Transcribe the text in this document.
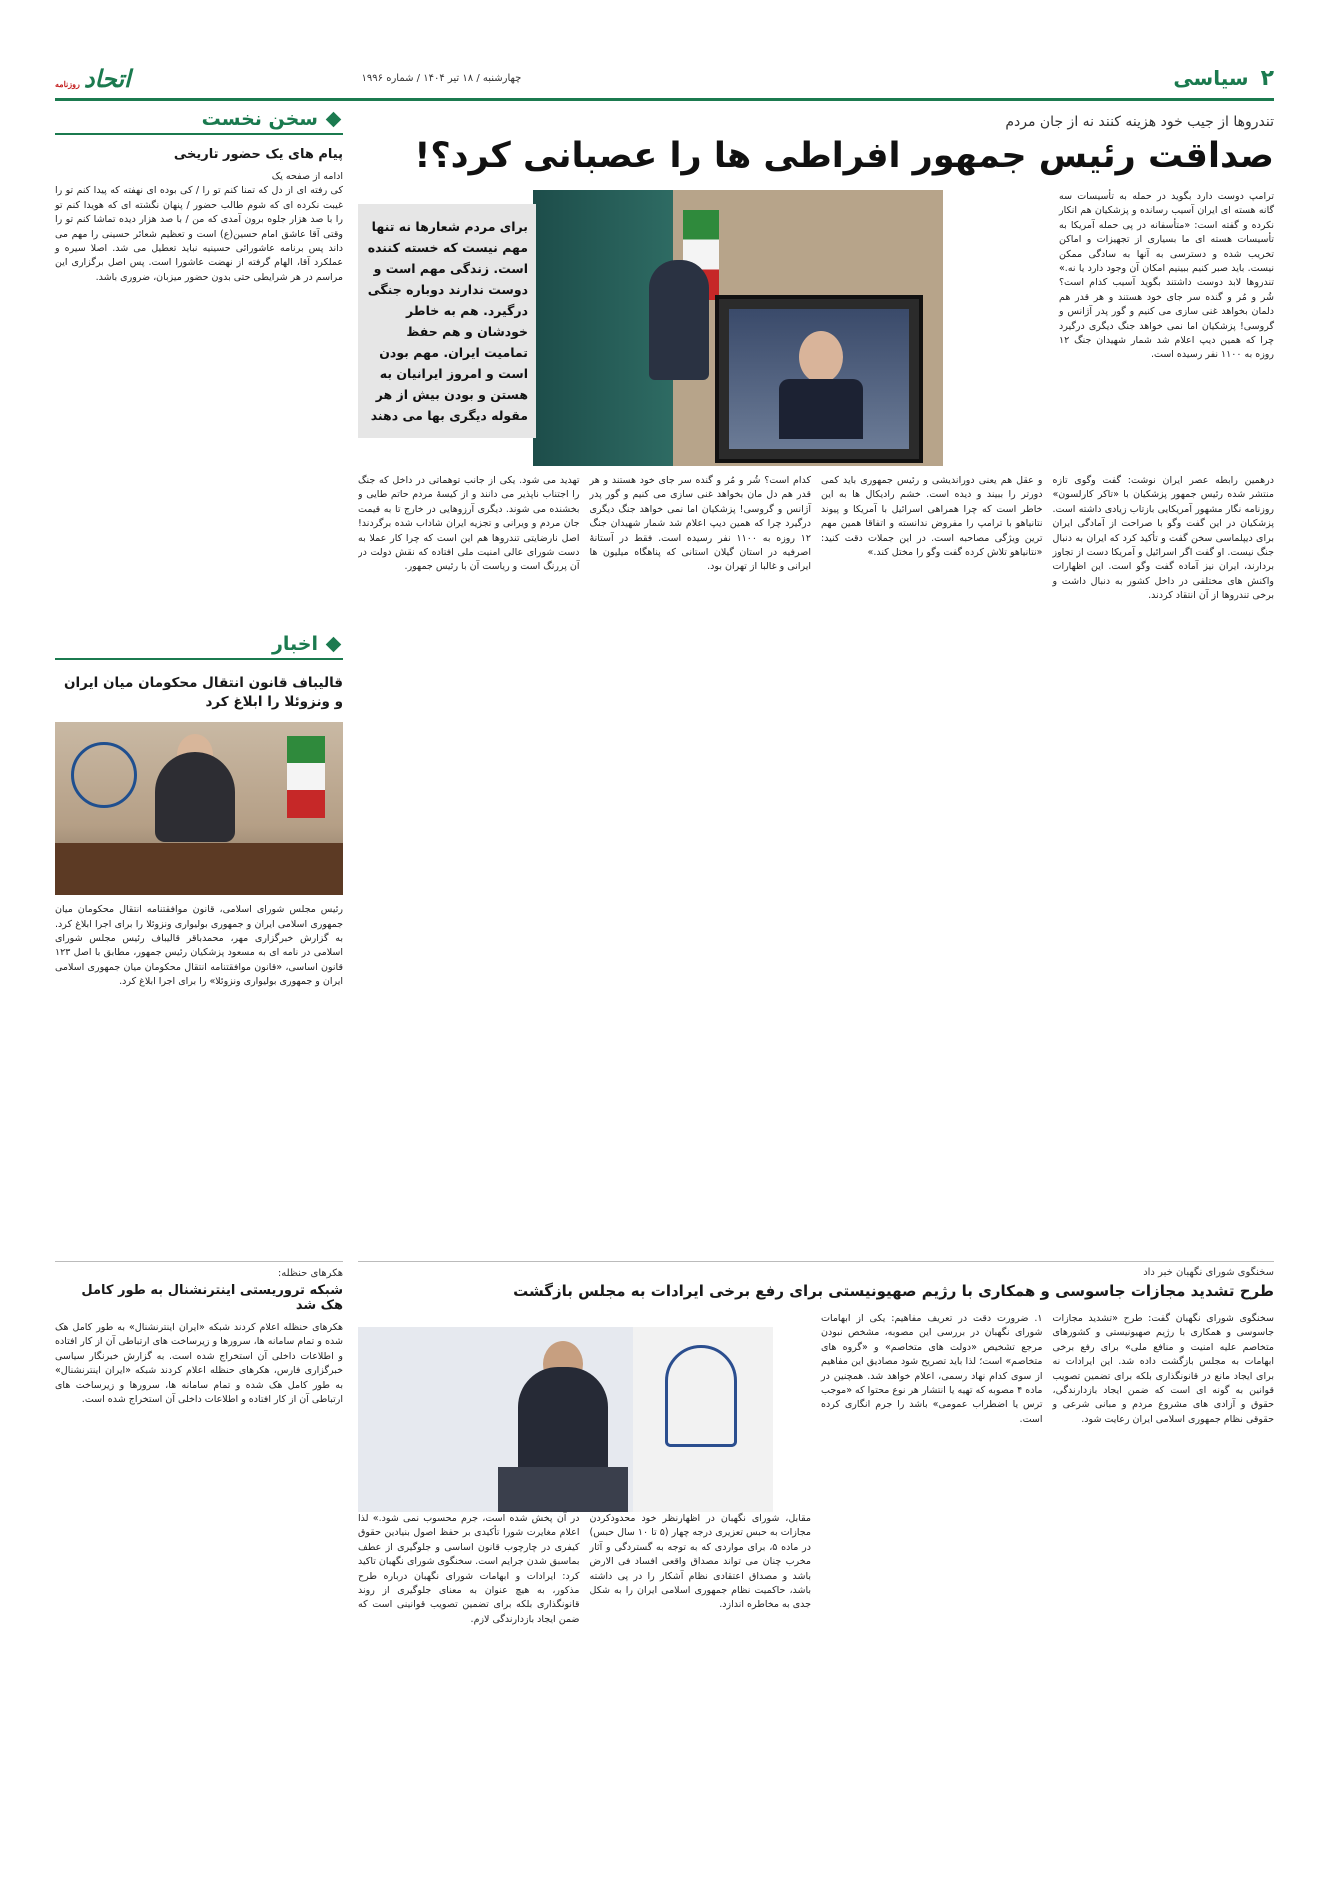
۲
سیاسی
چهارشنبه / ۱۸ تیر ۱۴۰۴ / شماره ۱۹۹۶
اتحادروزنامه
سخن نخست
پیام های یک حضور تاریخی
ادامه از صفحه یک
کی رفته ای از دل که تمنا کنم تو را / کی بوده ای نهفته که پیدا کنم تو را غیبت نکرده ای که شوم طالب حضور / پنهان نگشته ای که هویدا کنم تو را با صد هزار جلوه برون آمدی که من / با صد هزار دیده تماشا کنم تو را وقتی آقا عاشق امام حسین(ع) است و تعظیم شعائر حسینی را مهم می داند پس برنامه عاشورائی حسینیه نباید تعطیل می شد. اصلا سیره و عملکرد آقا، الهام گرفته از نهضت عاشورا است. پس اصل برگزاری این مراسم در هر شرایطی حتی بدون حضور میزبان، ضروری باشد.
اخبار
قالیباف قانون انتقال محکومان میان ایران و ونزوئلا را ابلاغ کرد
رئیس مجلس شورای اسلامی، قانون موافقتنامه انتقال محکومان میان جمهوری اسلامی ایران و جمهوری بولیواری ونزوئلا را برای اجرا ابلاغ کرد. به گزارش خبرگزاری مهر، محمدباقر قالیباف رئیس مجلس شورای اسلامی در نامه ای به مسعود پزشکیان رئیس جمهور، مطابق با اصل ۱۲۳ قانون اساسی، «قانون موافقتنامه انتقال محکومان میان جمهوری اسلامی ایران و جمهوری بولیواری ونزوئلا» را برای اجرا ابلاغ کرد.
هکرهای حنظله:
شبکه تروریستی اینترنشنال به طور کامل هک شد
هکرهای حنظله اعلام کردند شبکه «ایران اینترنشنال» به طور کامل هک شده و تمام سامانه ها، سرورها و زیرساخت های ارتباطی آن از کار افتاده و اطلاعات داخلی آن استخراج شده است. به گزارش خبرنگار سیاسی خبرگزاری فارس، هکرهای حنظله اعلام کردند شبکه «ایران اینترنشنال» به طور کامل هک شده و تمام سامانه ها، سرورها و زیرساخت های ارتباطی آن از کار افتاده و اطلاعات داخلی آن استخراج شده است.
تندروها از جیب خود هزینه کنند نه از جان مردم
صداقت رئیس جمهور افراطی ها را عصبانی کرد؟!
ترامپ دوست دارد بگوید در حمله به تأسیسات سه گانه هسته ای ایران آسیب رسانده و پزشکیان هم انکار نکرده و گفته است: «متأسفانه در پی حمله آمریکا به تأسیسات هسته ای ما بسیاری از تجهیزات و اماکن تخریب شده و دسترسی به آنها به سادگی ممکن نیست. باید صبر کنیم ببینیم امکان آن وجود دارد یا نه.» تندروها لابد دوست داشتند بگوید آسیب کدام است؟ شُر و مُر و گنده سر جای خود هستند و هر قدر هم دلمان بخواهد غنی سازی می کنیم و گور پدر آژانس و گروسی! پزشکیان اما نمی خواهد جنگ دیگری درگیرد چرا که همین دیپ اعلام شد شمار شهیدان جنگ ۱۲ روزه به ۱۱۰۰ نفر رسیده است.
برای مردم شعارها نه تنها مهم نیست که خسته کننده است. زندگی مهم است و دوست ندارند دوباره جنگی درگیرد. هم به خاطر خودشان و هم حفظ تمامیت ایران. مهم بودن است و امروز ایرانیان به هستن و بودن بیش از هر مقوله دیگری بها می دهند
درهمین رابطه عصر ایران نوشت: گفت وگوی تازه منتشر شده رئیس جمهور پزشکیان با «تاکر کارلسون» روزنامه نگار مشهور آمریکایی بازتاب زیادی داشته است. پزشکیان در این گفت وگو با صراحت از آمادگی ایران برای دیپلماسی سخن گفت و تأکید کرد که ایران به دنبال جنگ نیست. او گفت اگر اسرائیل و آمریکا دست از تجاوز بردارند، ایران نیز آماده گفت وگو است. این اظهارات واکنش های مختلفی در داخل کشور به دنبال داشت و برخی تندروها از آن انتقاد کردند.
و عقل هم یعنی دوراندیشی و رئیس جمهوری باید کمی دورتر را ببیند و دیده است. خشم رادیکال ها به این خاطر است که چرا همراهی اسرائیل با آمریکا و پیوند نتانیاهو با ترامپ را مفروض ندانسته و اتفاقا همین مهم ترین ویژگی مصاحبه است. در این جملات دقت کنید: «نتانیاهو تلاش کرده گفت وگو را مختل کند.»
کدام است؟ شُر و مُر و گنده سر جای خود هستند و هر قدر هم دل مان بخواهد غنی سازی می کنیم و گور پدر آژانس و گروسی! پزشکیان اما نمی خواهد جنگ دیگری درگیرد چرا که همین دیپ اعلام شد شمار شهیدان جنگ ۱۲ روزه به ۱۱۰۰ نفر رسیده است. فقط در آستانهٔ اصرفیه در استان گیلان استانی که پناهگاه میلیون ها ایرانی و غالبا از تهران بود.
تهدید می شود. یکی از جانب توهماتی در داخل که جنگ را اجتناب ناپذیر می دانند و از کیسهٔ مردم حاتم طایی و بخشنده می شوند. دیگری آرزوهایی در خارج تا به قیمت جان مردم و ویرانی و تجزیه ایران شاداب شده برگردند! اصل نارضایتی تندروها هم این است که چرا کار عملا به دست شورای عالی امنیت ملی افتاده که نقش دولت در آن پررنگ است و ریاست آن با رئیس جمهور.
سخنگوی شورای نگهبان خبر داد
طرح تشدید مجازات جاسوسی و همکاری با رژیم صهیونیستی برای رفع برخی ایرادات به مجلس بازگشت
سخنگوی شورای نگهبان گفت: طرح «تشدید مجازات جاسوسی و همکاری با رژیم صهیونیستی و کشورهای متخاصم علیه امنیت و منافع ملی» برای رفع برخی ابهامات به مجلس بازگشت داده شد. این ایرادات نه برای ایجاد مانع در قانونگذاری بلکه برای تضمین تصویب قوانین به گونه ای است که ضمن ایجاد بازدارندگی، حقوق و آزادی های مشروع مردم و مبانی شرعی و حقوقی نظام جمهوری اسلامی ایران رعایت شود.
۱. ضرورت دقت در تعریف مفاهیم: یکی از ابهامات شورای نگهبان در بررسی این مصوبه، مشخص نبودن مرجع تشخیص «دولت های متخاصم» و «گروه های متخاصم» است؛ لذا باید تصریح شود مصادیق این مفاهیم از سوی کدام نهاد رسمی، اعلام خواهد شد. همچنین در ماده ۴ مصوبه که تهیه یا انتشار هر نوع محتوا که «موجب ترس یا اضطراب عمومی» باشد را جرم انگاری کرده است.
مقابل، شورای نگهبان در اظهارنظر خود محدودکردن مجازات به حبس تعزیری درجه چهار (۵ تا ۱۰ سال حبس) در ماده ۵، برای مواردی که به توجه به گستردگی و آثار مخرب چنان می تواند مصداق واقعی افساد فی الارض باشد و مصداق اعتقادی نظام آشکار را در پی داشته باشد، حاکمیت نظام جمهوری اسلامی ایران را به شکل جدی به مخاطره اندازد.
در آن پخش شده است، جرم محسوب نمی شود.» لذا اعلام مغایرت شورا تأکیدی بر حفظ اصول بنیادین حقوق کیفری در چارچوب قانون اساسی و جلوگیری از عطف بماسبق شدن جرایم است. سخنگوی شورای نگهبان تاکید کرد: ایرادات و ابهامات شورای نگهبان درباره طرح مذکور، به هیچ عنوان به معنای جلوگیری از روند قانونگذاری بلکه برای تضمین تصویب قوانینی است که ضمن ایجاد بازدارندگی لازم.
